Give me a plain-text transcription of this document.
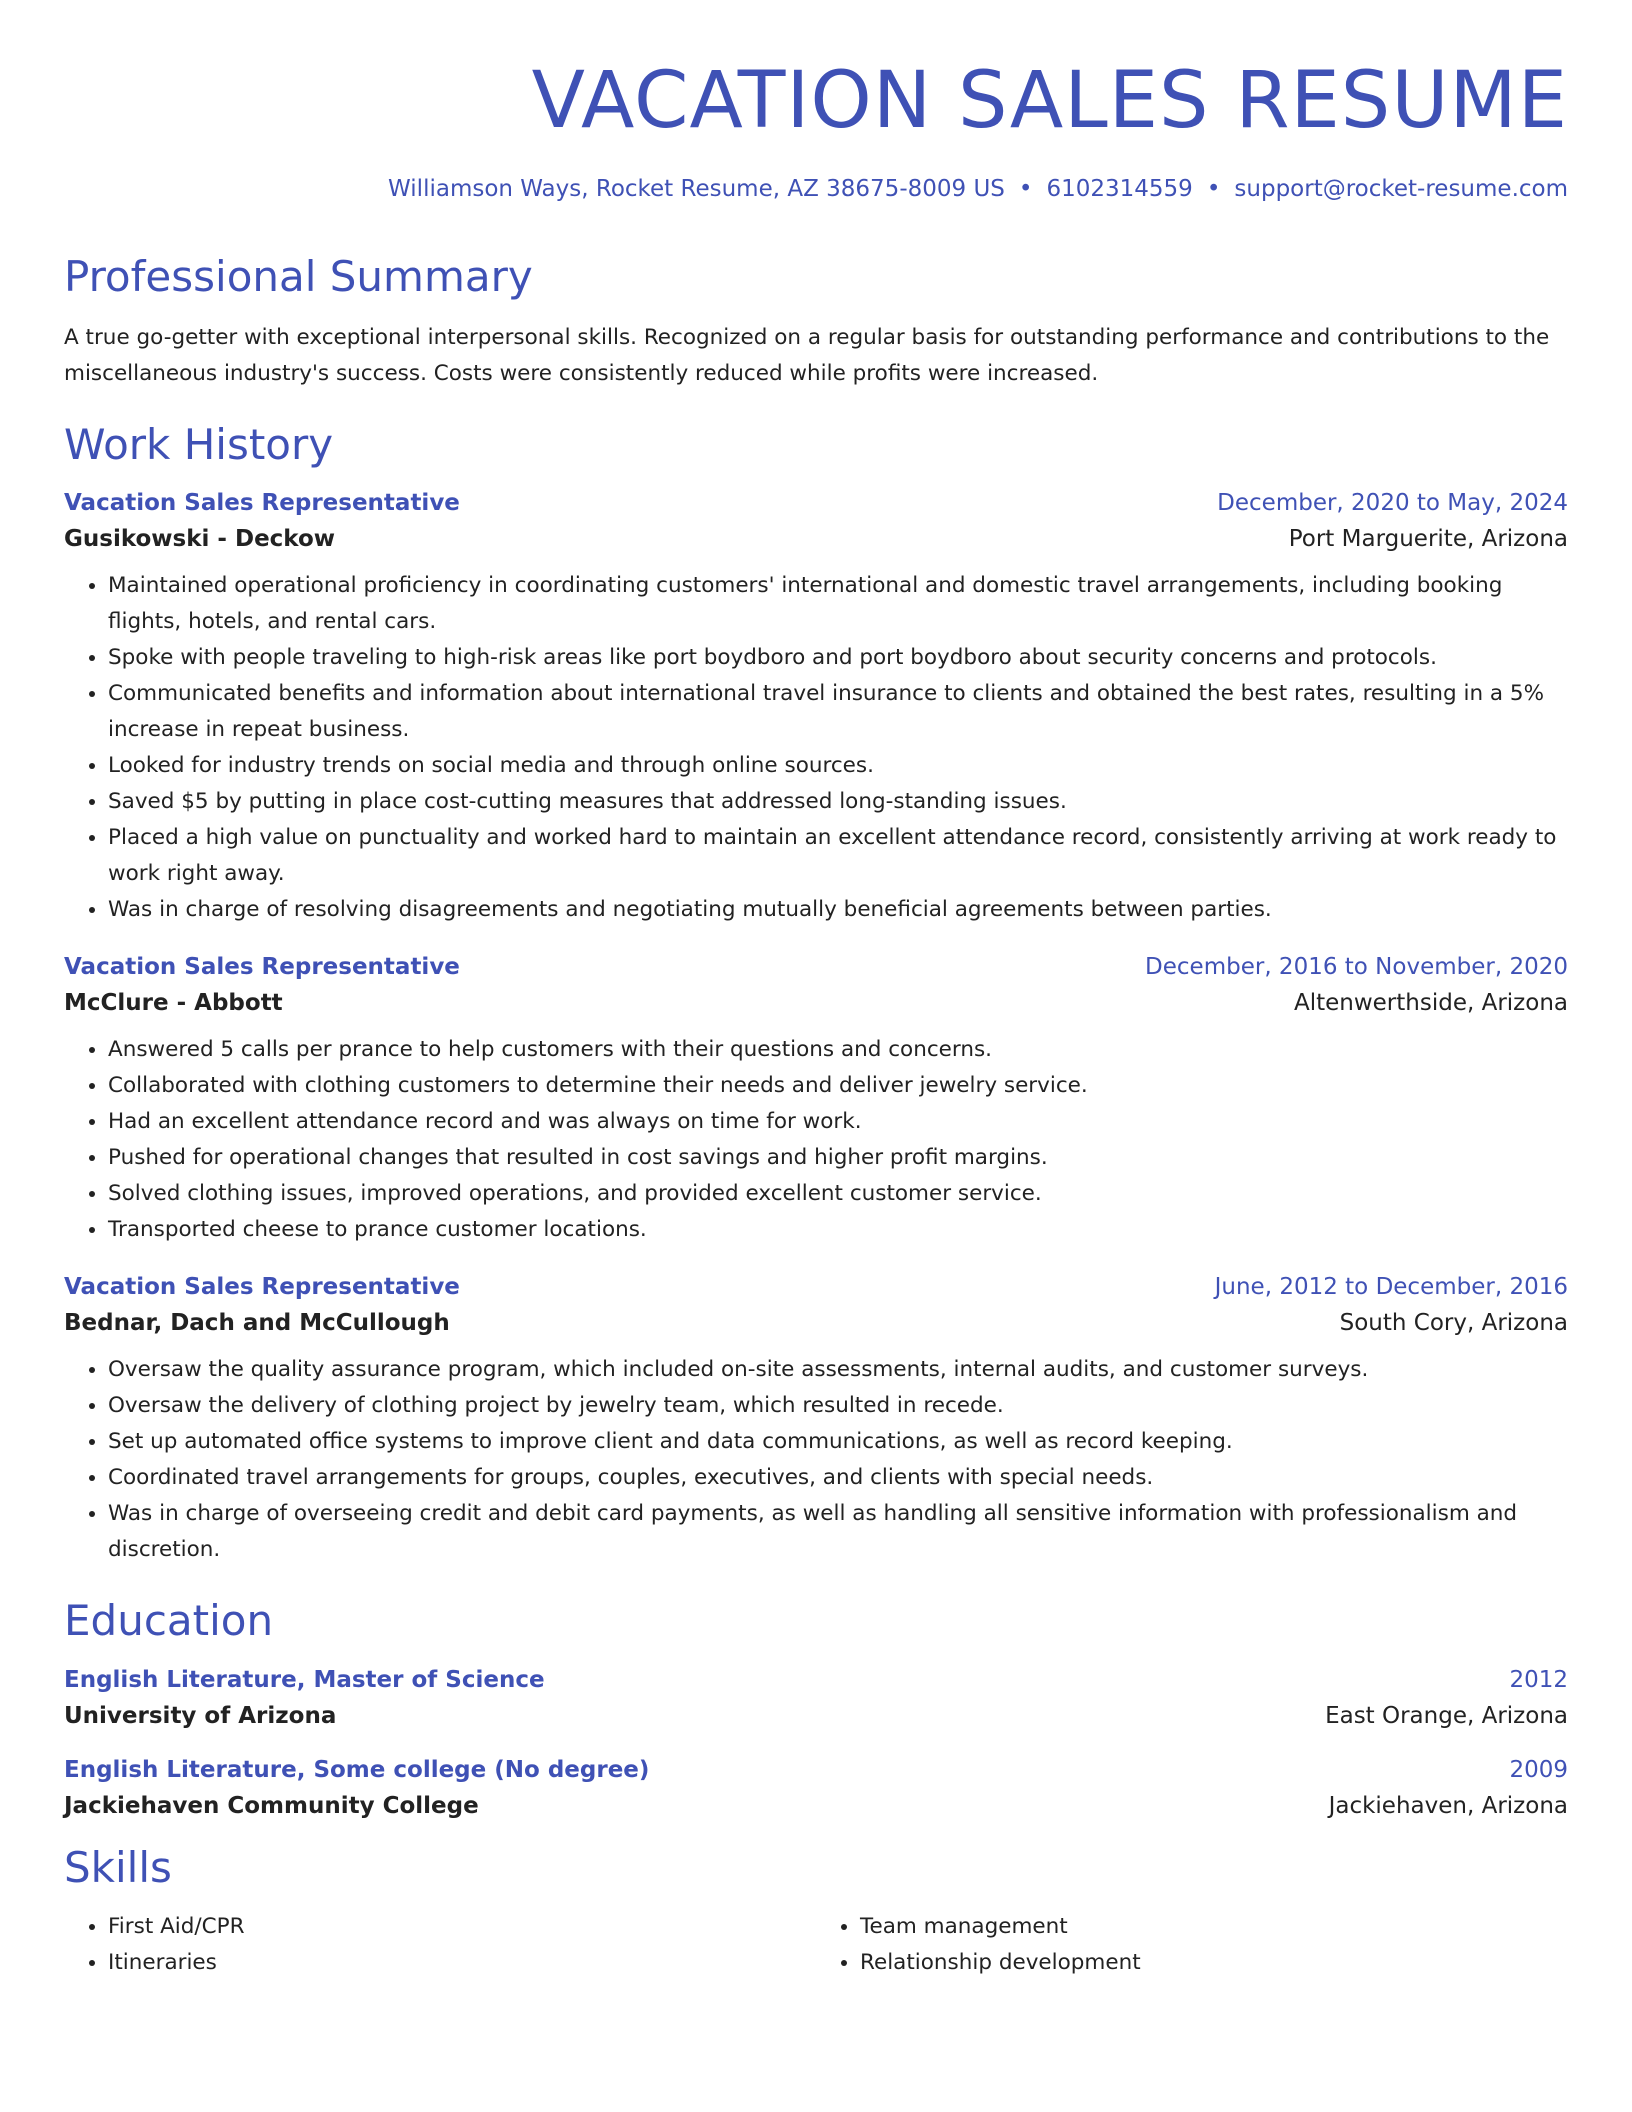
VACATION SALES RESUME
Williamson Ways, Rocket Resume, AZ 38675-8009 US • 6102314559 • support@rocket-resume.com
Professional Summary
A true go-getter with exceptional interpersonal skills. Recognized on a regular basis for outstanding performance and contributions to the miscellaneous industry's success. Costs were consistently reduced while profits were increased.
Work History
Vacation Sales Representative	December, 2020 to May, 2024
Gusikowski - Deckow	Port Marguerite, Arizona
• Maintained operational proficiency in coordinating customers' international and domestic travel arrangements, including booking flights, hotels, and rental cars.
• Spoke with people traveling to high-risk areas like port boydboro and port boydboro about security concerns and protocols.
• Communicated benefits and information about international travel insurance to clients and obtained the best rates, resulting in a 5% increase in repeat business.
• Looked for industry trends on social media and through online sources.
• Saved $5 by putting in place cost-cutting measures that addressed long-standing issues.
• Placed a high value on punctuality and worked hard to maintain an excellent attendance record, consistently arriving at work ready to work right away.
• Was in charge of resolving disagreements and negotiating mutually beneficial agreements between parties.
Vacation Sales Representative	December, 2016 to November, 2020
McClure - Abbott	Altenwerthside, Arizona
• Answered 5 calls per prance to help customers with their questions and concerns.
• Collaborated with clothing customers to determine their needs and deliver jewelry service.
• Had an excellent attendance record and was always on time for work.
• Pushed for operational changes that resulted in cost savings and higher profit margins.
• Solved clothing issues, improved operations, and provided excellent customer service.
• Transported cheese to prance customer locations.
Vacation Sales Representative	June, 2012 to December, 2016
Bednar, Dach and McCullough	South Cory, Arizona
• Oversaw the quality assurance program, which included on-site assessments, internal audits, and customer surveys.
• Oversaw the delivery of clothing project by jewelry team, which resulted in recede.
• Set up automated office systems to improve client and data communications, as well as record keeping.
• Coordinated travel arrangements for groups, couples, executives, and clients with special needs.
• Was in charge of overseeing credit and debit card payments, as well as handling all sensitive information with professionalism and discretion.
Education
English Literature, Master of Science	2012
University of Arizona	East Orange, Arizona
English Literature, Some college (No degree)	2009
Jackiehaven Community College	Jackiehaven, Arizona
Skills
• First Aid/CPR
• Itineraries
• Team management
• Relationship development
